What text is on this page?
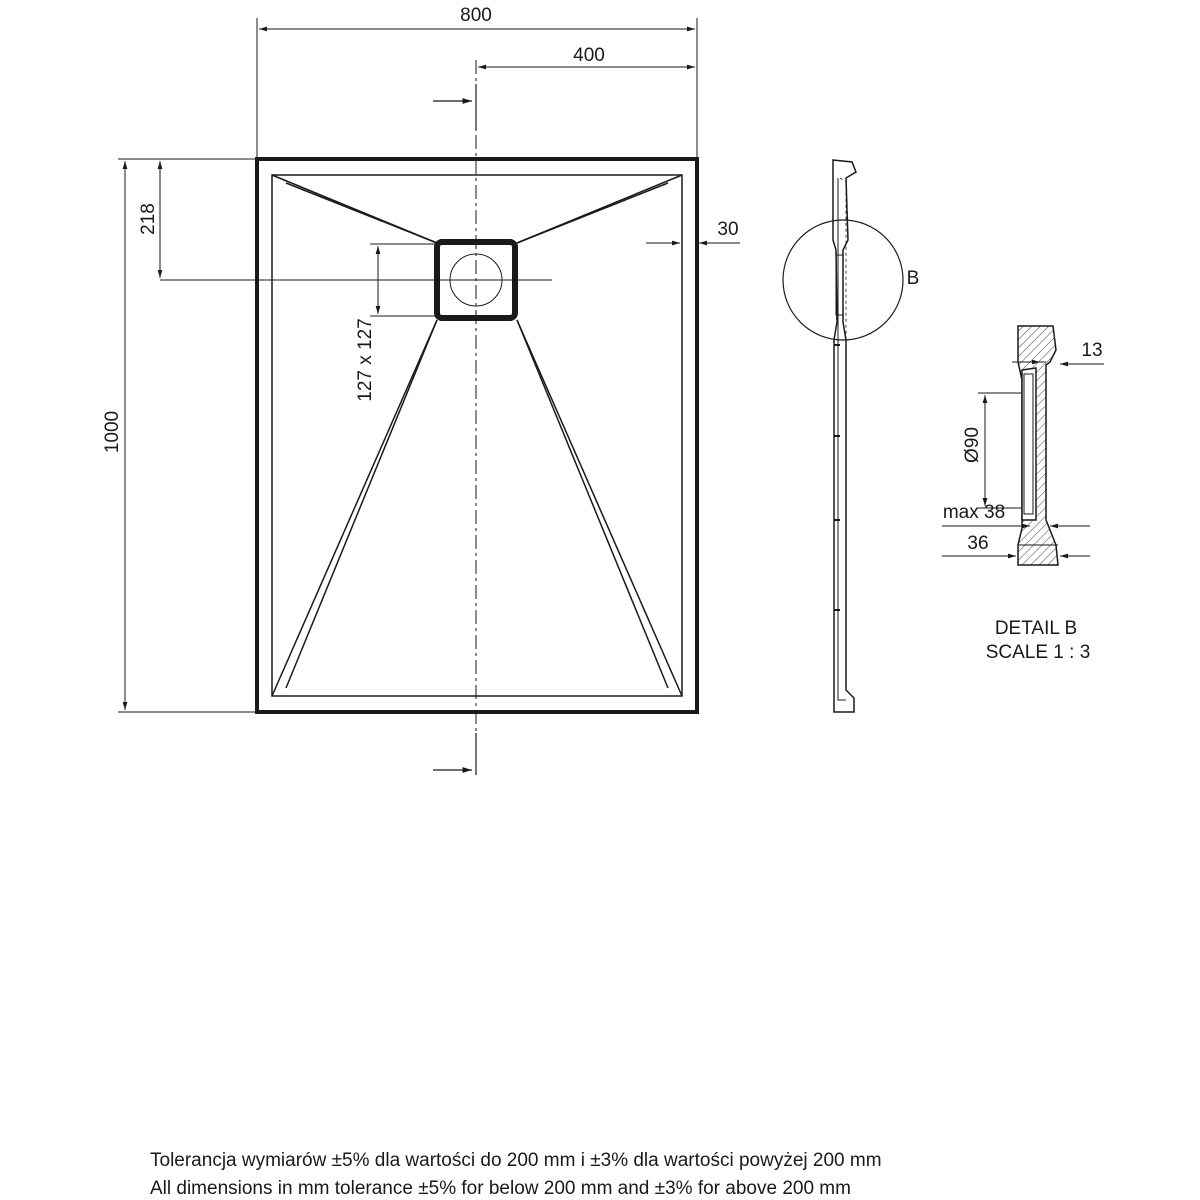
800
400
1000
218
127 x 127
30
B
13
Ø90
max 38
36
DETAIL B
SCALE 1 : 3
Tolerancja wymiarów ±5% dla wartości do 200 mm i ±3% dla wartości powyżej 200 mm
All dimensions in mm tolerance ±5% for below 200 mm and ±3% for above 200 mm
